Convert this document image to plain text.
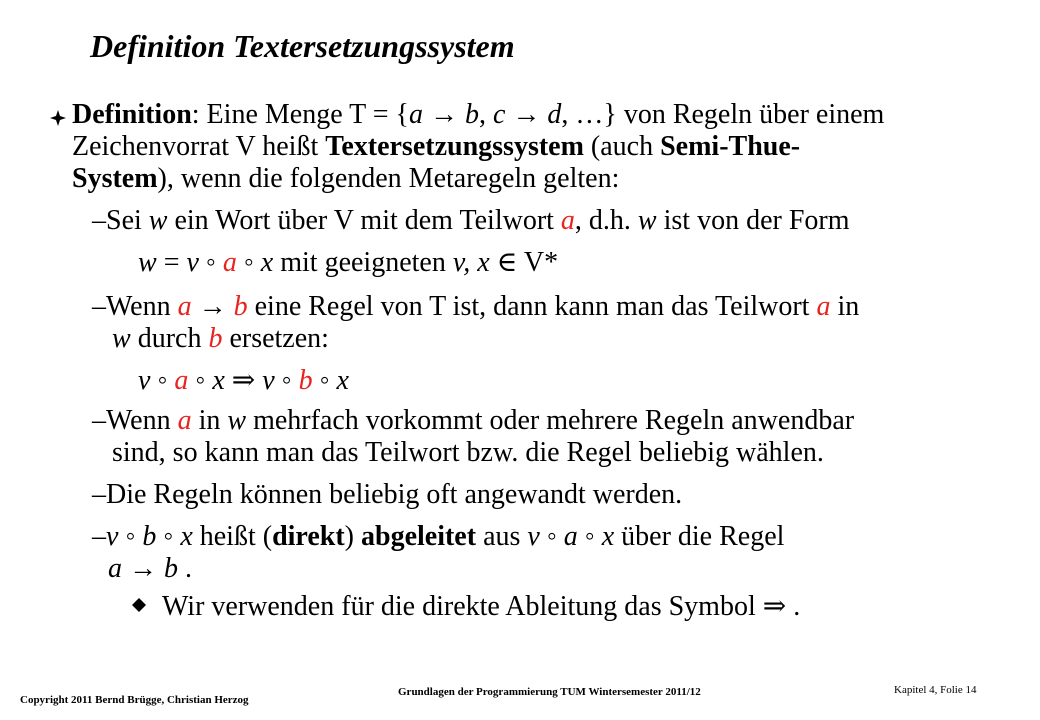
Definition Textersetzungssystem
Definition: Eine Menge T = {a → b, c → d, …} von Regeln über einem
Zeichenvorrat V heißt Textersetzungssystem (auch Semi-Thue-
System), wenn die folgenden Metaregeln gelten:
–Sei w ein Wort über V mit dem Teilwort a, d.h. w ist von der Form
w = v ◦ a ◦ x mit geeigneten v, x ∈ V*
–Wenn a → b eine Regel von T ist, dann kann man das Teilwort a in
w durch b ersetzen:
v ◦ a ◦ x ⇒ v ◦ b ◦ x
–Wenn a in w mehrfach vorkommt oder mehrere Regeln anwendbar
sind, so kann man das Teilwort bzw. die Regel beliebig wählen.
–Die Regeln können beliebig oft angewandt werden.
–v ◦ b ◦ x heißt (direkt) abgeleitet aus v ◦ a ◦ x über die Regel
a → b .
Wir verwenden für die direkte Ableitung das Symbol ⇒ .
Copyright 2011 Bernd Brügge, Christian Herzog
Grundlagen der Programmierung TUM Wintersemester 2011/12	Kapitel 4, Folie 14
